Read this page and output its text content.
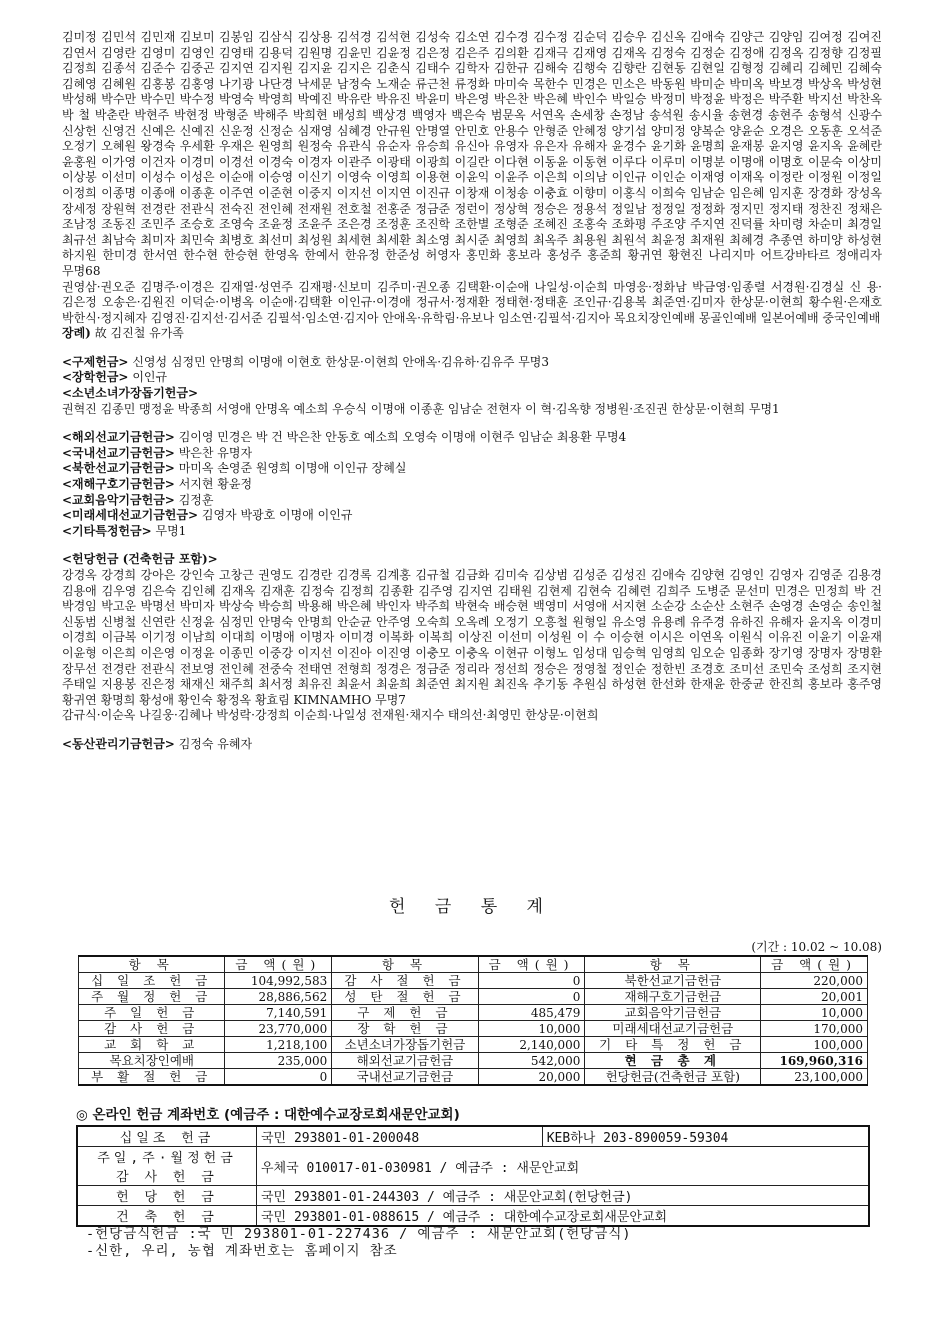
김미정 김민석 김민재 김보미 김봉임 김삼식 김상용 김석경 김석현 김성숙 김소연 김수경 김수정 김순덕 김승우 김신옥 김애숙 김양근 김양임 김여정 김여진 김연서 김영란 김영미 김영인 김영태 김용덕 김원명 김윤민 김윤정 김은정 김은주 김의환 김재극 김재영 김재옥 김정숙 김정순 김정애 김정옥 김정향 김정필 김정희 김종석 김준수 김중곤 김지연 김지원 김지윤 김지은 김춘식 김태수 김학자 김한규 김해숙 김행숙 김향란 김현동 김현일 김형정 김혜리 김혜민 김혜숙 김혜영 김혜원 김홍봉 김홍영 나기광 나단경 낙세문 남정숙 노재순 류근천 류정화 마미숙 목한수 민경은 민소은 박동원 박미순 박미옥 박보경 박상옥 박성현 박성해 박수만 박수민 박수정 박영숙 박영희 박예진 박유란 박유진 박윤미 박은영 박은찬 박은혜 박인수 박일승 박정미 박정윤 박정은 박주환 박지선 박찬옥 박 철 박춘란 박현주 박현정 박형준 박해주 박희현 배성희 백상경 백영자 백은숙 범문옥 서연옥 손세창 손정남 송석원 송시율 송현경 송현주 송형석 신광수 신상헌 신영건 신예은 신예진 신운정 신정순 심재영 심혜경 안규원 안명열 안민호 안용수 안형준 안혜정 양기섭 양미정 양복순 양윤순 오경은 오동훈 오석준 오정기 오혜원 왕경숙 우세환 우재은 원영희 원정숙 유관식 유순자 유승희 유신아 유영자 유은자 유해자 윤경수 윤기화 윤명희 윤재봉 윤지영 윤지옥 윤혜란 윤홍원 이가영 이건자 이경미 이경선 이경숙 이경자 이관주 이광태 이광희 이길란 이다현 이동윤 이동현 이루다 이루미 이명분 이명애 이명호 이문숙 이상미 이상봉 이선미 이성수 이성은 이순애 이승영 이신기 이영숙 이영희 이용현 이윤익 이윤주 이은희 이의남 이인규 이인순 이재영 이재옥 이정란 이정원 이정일 이정희 이종명 이종애 이종훈 이주연 이준현 이중지 이지선 이지연 이진규 이창재 이청송 이충효 이향미 이홍식 이희숙 임남순 임은혜 임지훈 장경화 장성옥 장세정 장원혁 전경란 전관식 전숙진 전인혜 전재원 전호철 전홍준 정금준 정런이 정상혁 정승은 정용석 정일남 정정일 정정화 정지민 정지태 정찬진 정채은 조남정 조동진 조민주 조승호 조영숙 조윤정 조윤주 조은경 조정훈 조진학 조한별 조형준 조혜진 조홍숙 조화평 주조양 주지연 진덕률 차미령 차순미 최경일 최규선 최남숙 최미자 최민숙 최병호 최선미 최성원 최세현 최세환 최소영 최시준 최영희 최옥주 최용원 최원석 최윤정 최재원 최혜경 추종연 하미양 하성현 하지원 한미경 한서연 한수현 한승현 한영옥 한예서 한유정 한준성 허영자 홍민화 홍보라 홍성주 홍준희 황귀연 황현진 나리지마 어트강바타르 정애리자 무명68

권영삼·권오준 김명주·이경은 김재열·성연주 김재평·신보미 김주미·권오종 김택환·이순애 나일성·이순희 마영응·정화남 박금영·임종렬 서경원·김경실 신 용·김은정 오송은·김원진 이덕순·이병옥 이순애·김택환 이인규·이경애 정규서·정재환 정태현·정태훈 조인규·김용복 최준연·김미자 한상문·이현희 황수원·은재호 박한식·정지혜자 김영진·김지선·김서준 김필석·임소연·김지아 안애옥·유학림·유보나 임소연·김필석·김지아 목요치장인예배 몽골인예배 일본어예배 중국인예배

장례) 故 김진철 유가족

<구제헌금> 신영성 심정민 안명희 이명애 이현호 한상문·이현희 안애옥·김유하·김유주 무명3

<장학헌금> 이인규

<소년소녀가장돕기헌금>

권혁진 김종민 맹정윤 박종희 서영애 안명옥 예소희 우승식 이명애 이종훈 임남순 전현자 이 혁·김옥향 정병원·조진권 한상문·이현희 무명1

<해외선교기금헌금> 김이영 민경은 박 건 박은찬 안동호 예소희 오영숙 이명애 이현주 임남순 최용환 무명4

<국내선교기금헌금> 박은찬 유명자

<북한선교기금헌금> 마미옥 손영준 원영희 이명애 이인규 장혜실

<재해구호기금헌금> 서지현 황윤정

<교회음악기금헌금> 김정훈

<미래세대선교기금헌금> 김영자 박광호 이명애 이인규

<기타특정헌금> 무명1

<헌당헌금 (건축헌금 포함)>

강경옥 강경희 강아은 강인숙 고창근 권영도 김경란 김경록 김계홍 김규철 김금화 김미숙 김상범 김성준 김성진 김애숙 김양현 김영인 김영자 김영준 김용경 김용애 김우영 김은숙 김인혜 김재옥 김재훈 김정숙 김정희 김종환 김주영 김지연 김태원 김현제 김현숙 김혜련 김희주 도병준 문선미 민경은 민정희 박 건 박경임 박고운 박명선 박미자 박상숙 박승희 박용해 박은혜 박인자 박주희 박현숙 배승현 백영미 서영애 서지현 소순강 소순산 소현주 손영경 손영순 송인철 신동범 신병철 신연란 신정윤 심정민 안명숙 안명희 안순균 안주영 오숙희 오옥례 오정기 오흥철 원형일 유소영 유용례 유주경 유하진 유해자 윤지옥 이경미 이경희 이금복 이기정 이남희 이대희 이명애 이명자 이미경 이복화 이복희 이상진 이선미 이성원 이 수 이승현 이시은 이연옥 이원식 이유진 이윤기 이윤재 이윤형 이은희 이은영 이정윤 이종민 이중강 이지선 이진아 이진영 이충모 이충옥 이현규 이형노 임성대 임승혁 임영희 임오순 임종화 장기영 장명자 장명환 장무선 전경란 전관식 전보영 전인혜 전중숙 전태연 전형희 정경은 정금준 정리라 정선희 정승은 정영철 정인순 정한빈 조경호 조미선 조민숙 조성희 조지현 주태일 지용봉 진은정 채재신 채주희 최서정 최유진 최윤서 최윤희 최준연 최지원 최진옥 추기동 추원심 하성현 한선화 한재윤 한중균 한진희 홍보라 홍주영 황귀연 황명희 황성애 황인숙 황정옥 황효림 KIMNAMHO 무명7

감규식·이순옥 나길웅·김혜나 박성락·강정희 이순희·나일성 전재원·채지수 태의선·최영민 한상문·이현희

<동산관리기금헌금> 김정숙 유혜자

헌 금 통 계

(기간 : 10.02 ~ 10.08)
항 목	금 액(원)	항 목	금 액(원)	항 목	금 액(원)
십 일 조 헌 금	104,992,583	감 사 절 헌 금	0	북한선교기금헌금	220,000
주 월 정 헌 금	28,886,562	성 탄 절 헌 금	0	재해구호기금헌금	20,001
주 일 헌 금	7,140,591	구 제 헌 금	485,479	교회음악기금헌금	10,000
감 사 헌 금	23,770,000	장 학 헌 금	10,000	미래세대선교기금헌금	170,000
교 회 학 교	1,218,100	소년소녀가장돕기헌금	2,140,000	기 타 특 정 헌 금	100,000
목요치장인예배	235,000	해외선교기금헌금	542,000	현 금 총 계	169,960,316
부 활 절 헌 금	0	국내선교기금헌금	20,000	헌당헌금(건축헌금 포함)	23,100,000
◎ 온라인 헌금 계좌번호 (예금주 : 대한예수교장로회새문안교회)
십일조 헌금	국민 293801-01-200048	KEB하나 203-890059-59304

주일,주·월정헌금
감 사 헌 금	우체국 010017-01-030981 / 예금주 : 새문안교회	
헌 당 헌 금	국민 293801-01-244303 / 예금주 : 새문안교회(헌당헌금)	
건 축 헌 금	국민 293801-01-088615 / 예금주 : 대한예수교장로회새문안교회	

-헌당금식헌금 :국 민 293801-01-227436 / 예금주 : 새문안교회(헌당금식)

-신한, 우리, 농협 계좌번호는 홈페이지 참조
